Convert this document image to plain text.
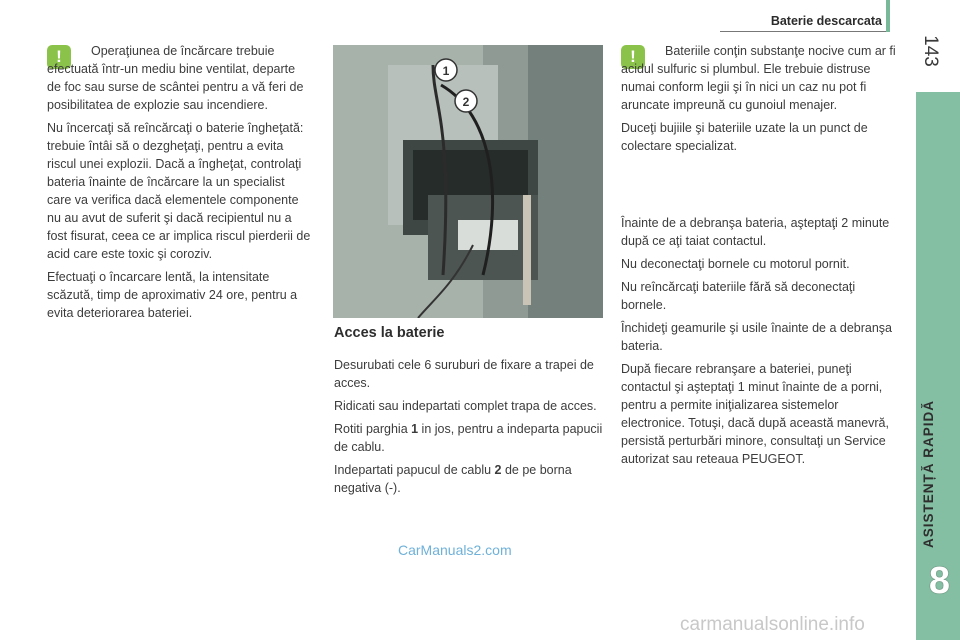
Baterie descarcata
143
ASISTENȚĂ RAPIDĂ
8
!	Operaţiunea de încărcare trebuie efectuată într-un mediu bine ventilat, departe de foc sau surse de scântei pentru a vă feri de posibilitatea de explozie sau incendiere.

Nu încercaţi să reîncărcaţi o baterie îngheţată: trebuie întâi să o dezgheţaţi, pentru a evita riscul unei explozii. Dacă a îngheţat, controlaţi bateria înainte de încărcare la un specialist care va verifica dacă elementele componente nu au avut de suferit şi dacă recipientul nu a fost fisurat, ceea ce ar implica riscul pierderii de acid care este toxic şi coroziv.

Efectuaţi o încarcare lentă, la intensitate scăzută, timp de aproximativ 24 ore, pentru a evita deteriorarea bateriei.

1
2
Acces la baterie

Desurubati cele 6 suruburi de fixare a trapei de acces.

Ridicati sau indepartati complet trapa de acces.

Rotiti parghia 1 in jos, pentru a indeparta papucii de cablu.

Indepartati papucul de cablu 2 de pe borna negativa (-).

!	Bateriile conţin substanţe nocive cum ar fi acidul sulfuric si plumbul. Ele trebuie distruse numai conform legii şi în nici un caz nu pot fi aruncate impreună cu gunoiul menajer.

Duceţi bujiile şi bateriile uzate la un punct de colectare specializat.

Înainte de a debranşa bateria, aşteptaţi 2 minute după ce aţi taiat contactul.

Nu deconectaţi bornele cu motorul pornit.

Nu reîncărcaţi bateriile fără să deconectaţi bornele.

Închideţi geamurile şi usile înainte de a debranşa bateria.

După fiecare rebranşare a bateriei, puneţi contactul şi aşteptaţi 1 minut înainte de a porni, pentru a permite iniţializarea sistemelor electronice. Totuşi, dacă după această manevră, persistă perturbări minore, consultaţi un Service autorizat sau reteaua PEUGEOT.

CarManuals2.com
carmanualsonline.info
